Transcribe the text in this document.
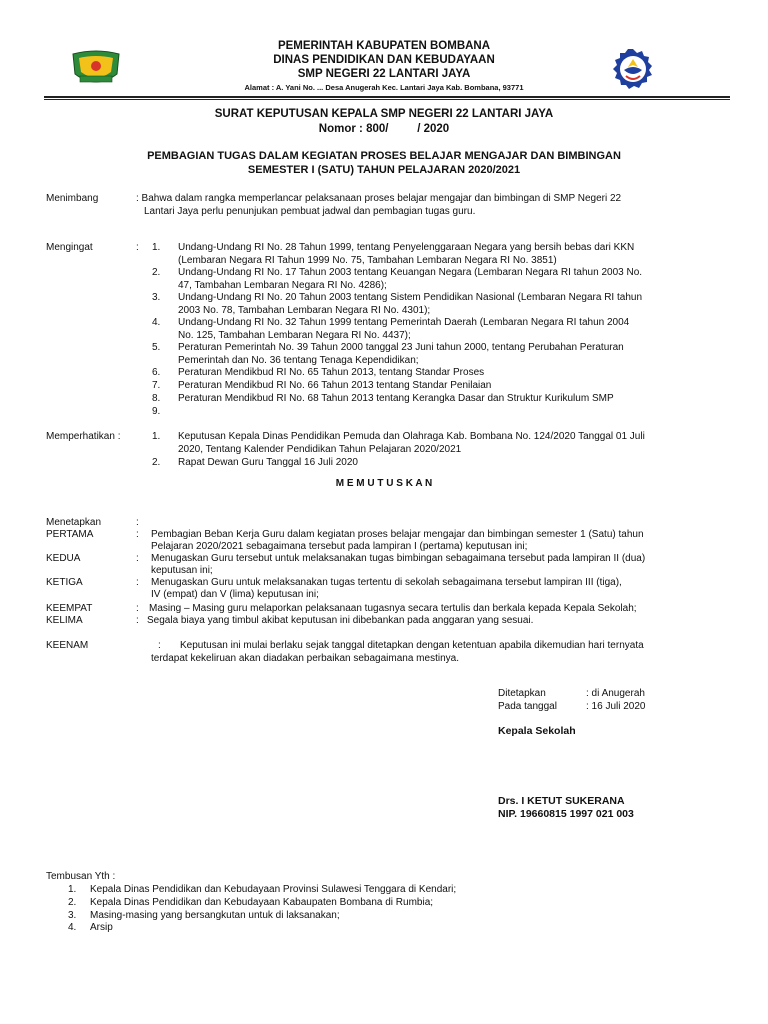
PEMERINTAH KABUPATEN BOMBANA
DINAS PENDIDIKAN DAN KEBUDAYAAN
SMP NEGERI 22 LANTARI JAYA
Alamat : A. Yani No. ... Desa Anugerah Kec. Lantari Jaya Kab. Bombana, 93771
SURAT KEPUTUSAN KEPALA SMP NEGERI 22 LANTARI JAYA
Nomor : 800/         / 2020
PEMBAGIAN TUGAS DALAM KEGIATAN PROSES BELAJAR MENGAJAR DAN BIMBINGAN
SEMESTER I (SATU) TAHUN PELAJARAN 2020/2021
Menimbang	: Bahwa dalam rangka memperlancar pelaksanaan proses belajar mengajar dan bimbingan di SMP Negeri 22
Lantari Jaya perlu penunjukan pembuat jadwal dan pembagian tugas guru.
Mengingat	: 1. Undang-Undang RI No. 28 Tahun 1999, tentang Penyelenggaraan Negara yang bersih bebas dari KKN
(Lembaran Negara RI Tahun 1999 No. 75, Tambahan Lembaran Negara RI No. 3851)
2. Undang-Undang RI No. 17 Tahun 2003 tentang Keuangan Negara (Lembaran Negara RI tahun 2003 No.
47, Tambahan Lembaran Negara RI No. 4286);
3. Undang-Undang RI No. 20 Tahun 2003 tentang Sistem Pendidikan Nasional (Lembaran Negara RI tahun
2003 No. 78, Tambahan Lembaran Negara RI No. 4301);
4. Undang-Undang RI No. 32 Tahun 1999 tentang Pemerintah Daerah (Lembaran Negara RI tahun 2004
No. 125, Tambahan Lembaran Negara RI No. 4437);
5. Peraturan Pemerintah No. 39 Tahun 2000 tanggal 23 Juni tahun 2000, tentang Perubahan Peraturan
Pemerintah dan No. 36 tentang Tenaga Kependidikan;
6. Peraturan Mendikbud RI No. 65 Tahun 2013, tentang Standar Proses
7. Peraturan Mendikbud RI No. 66 Tahun 2013 tentang Standar Penilaian
8. Peraturan Mendikbud RI No. 68 Tahun 2013 tentang Kerangka Dasar dan Struktur Kurikulum SMP
9.
Memperhatikan :	1. Keputusan Kepala Dinas Pendidikan Pemuda dan Olahraga Kab. Bombana No. 124/2020 Tanggal 01 Juli
2020, Tentang Kalender Pendidikan Tahun Pelajaran 2020/2021
2. Rapat Dewan Guru Tanggal 16 Juli 2020
M E M U T U S K A N
Menetapkan	:
PERTAMA	: Pembagian Beban Kerja Guru dalam kegiatan proses belajar mengajar dan bimbingan semester 1 (Satu) tahun
Pelajaran 2020/2021 sebagaimana tersebut pada lampiran I (pertama) keputusan ini;
KEDUA	: Menugaskan Guru tersebut untuk melaksanakan tugas bimbingan sebagaimana tersebut pada lampiran II (dua)
keputusan ini;
KETIGA	: Menugaskan Guru untuk melaksanakan tugas tertentu di sekolah sebagaimana tersebut lampiran III (tiga),
IV (empat) dan V (lima) keputusan ini;
KEEMPAT	: Masing – Masing guru melaporkan pelaksanaan tugasnya secara tertulis dan berkala kepada Kepala Sekolah;
KELIMA	: Segala biaya yang timbul akibat keputusan ini dibebankan pada anggaran yang sesuai.
KEENAM	: Keputusan ini mulai berlaku sejak tanggal ditetapkan dengan ketentuan apabila dikemudian hari ternyata
terdapat kekeliruan akan diadakan perbaikan sebagaimana mestinya.
Ditetapkan	: di Anugerah
Pada tanggal	: 16 Juli 2020
Kepala Sekolah
Drs. I KETUT SUKERANA
NIP. 19660815 1997 021 003
Tembusan Yth :
1. Kepala Dinas Pendidikan dan Kebudayaan Provinsi Sulawesi Tenggara di Kendari;
2. Kepala Dinas Pendidikan dan Kebudayaan Kabaupaten Bombana di Rumbia;
3. Masing-masing yang bersangkutan untuk di laksanakan;
4. Arsip
